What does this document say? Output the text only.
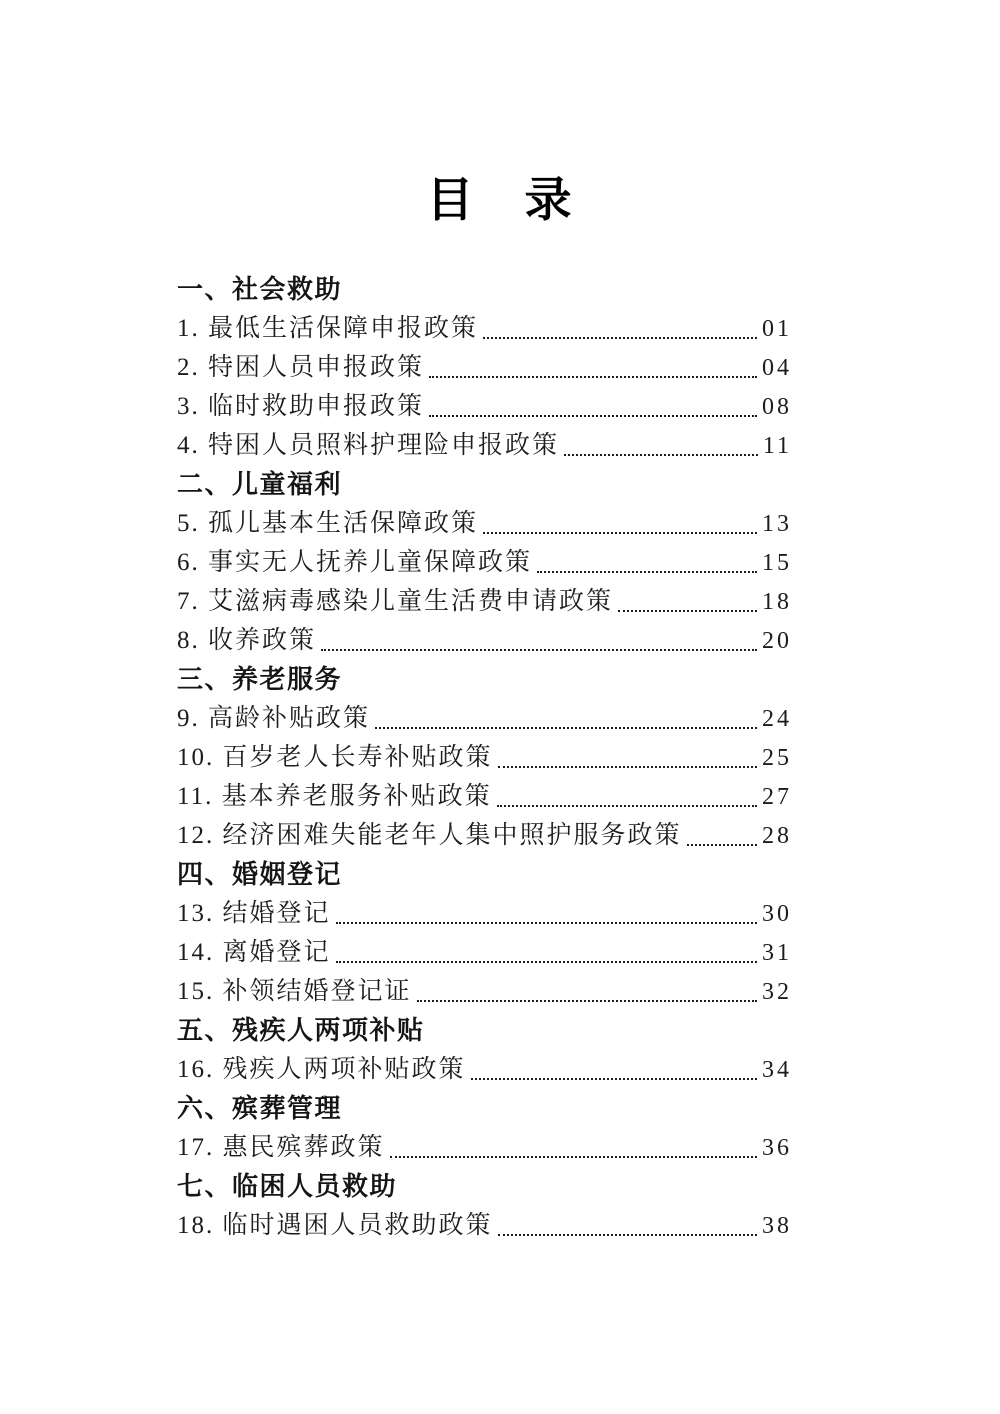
目　录
一、社会救助
1. 最低生活保障申报政策	01
2. 特困人员申报政策	04
3. 临时救助申报政策	08
4. 特困人员照料护理险申报政策	11
二、儿童福利
5. 孤儿基本生活保障政策	13
6. 事实无人抚养儿童保障政策	15
7. 艾滋病毒感染儿童生活费申请政策	18
8. 收养政策	20
三、养老服务
9. 高龄补贴政策	24
10. 百岁老人长寿补贴政策	25
11. 基本养老服务补贴政策	27
12. 经济困难失能老年人集中照护服务政策	28
四、婚姻登记
13. 结婚登记	30
14. 离婚登记	31
15. 补领结婚登记证	32
五、残疾人两项补贴
16. 残疾人两项补贴政策	34
六、殡葬管理
17. 惠民殡葬政策	36
七、临困人员救助
18. 临时遇困人员救助政策	38
